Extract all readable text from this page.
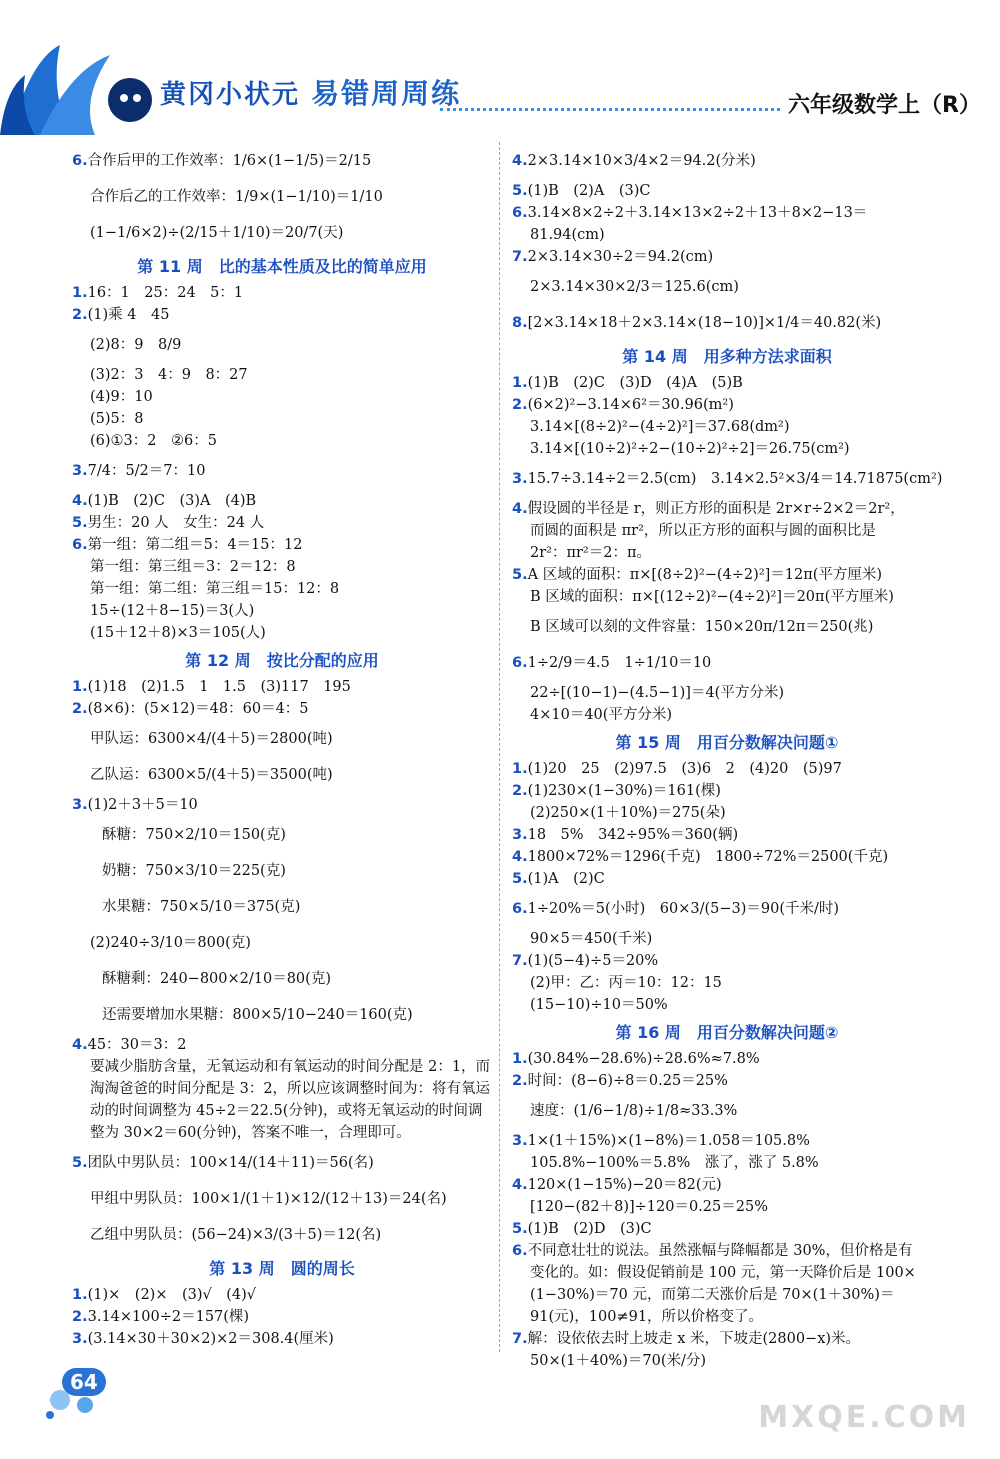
黄冈小状元 易错周周练	六年级数学上（R）
6.合作后甲的工作效率：1/6×(1−1/5)＝2/15
合作后乙的工作效率：1/9×(1−1/10)＝1/10
(1−1/6×2)÷(2/15＋1/10)＝20/7(天)
第 11 周　比的基本性质及比的简单应用
1.16：1　25：24　5：1
2.(1)乘 4　45
(2)8：9　8/9
(3)2：3　4：9　8：27
(4)9：10
(5)5：8
(6)①3：2　②6：5
3.7/4：5/2＝7：10
4.(1)B　(2)C　(3)A　(4)B
5.男生：20 人　女生：24 人
6.第一组：第二组＝5：4＝15：12
第一组：第三组＝3：2＝12：8
第一组：第二组：第三组＝15：12：8
15÷(12＋8−15)＝3(人)
(15＋12＋8)×3＝105(人)
第 12 周　按比分配的应用
1.(1)18　(2)1.5　1　1.5　(3)117　195
2.(8×6)：(5×12)＝48：60＝4：5
甲队运：6300×4/(4＋5)＝2800(吨)
乙队运：6300×5/(4＋5)＝3500(吨)
3.(1)2＋3＋5＝10
酥糖：750×2/10＝150(克)
奶糖：750×3/10＝225(克)
水果糖：750×5/10＝375(克)
(2)240÷3/10＝800(克)
酥糖剩：240−800×2/10＝80(克)
还需要增加水果糖：800×5/10−240＝160(克)
4.45：30＝3：2
要减少脂肪含量，无氧运动和有氧运动的时间分配是 2：1，而
淘淘爸爸的时间分配是 3：2，所以应该调整时间为：将有氧运
动的时间调整为 45÷2＝22.5(分钟)，或将无氧运动的时间调
整为 30×2＝60(分钟)，答案不唯一，合理即可。
5.团队中男队员：100×14/(14＋11)＝56(名)
甲组中男队员：100×1/(1＋1)×12/(12＋13)＝24(名)
乙组中男队员：(56−24)×3/(3＋5)＝12(名)
第 13 周　圆的周长
1.(1)×　(2)×　(3)√　(4)√
2.3.14×100÷2＝157(棵)
3.(3.14×30＋30×2)×2＝308.4(厘米)
4.2×3.14×10×3/4×2＝94.2(分米)
5.(1)B　(2)A　(3)C
6.3.14×8×2÷2＋3.14×13×2÷2＋13＋8×2−13＝
81.94(cm)
7.2×3.14×30÷2＝94.2(cm)
2×3.14×30×2/3＝125.6(cm)
8.[2×3.14×18＋2×3.14×(18−10)]×1/4＝40.82(米)
第 14 周　用多种方法求面积
1.(1)B　(2)C　(3)D　(4)A　(5)B
2.(6×2)²−3.14×6²＝30.96(m²)
3.14×[(8÷2)²−(4÷2)²]＝37.68(dm²)
3.14×[(10÷2)²÷2−(10÷2)²÷2]＝26.75(cm²)
3.15.7÷3.14÷2＝2.5(cm)　3.14×2.5²×3/4＝14.71875(cm²)
4.假设圆的半径是 r，则正方形的面积是 2r×r÷2×2＝2r²，
而圆的面积是 πr²，所以正方形的面积与圆的面积比是
2r²：πr²＝2：π。
5.A 区域的面积：π×[(8÷2)²−(4÷2)²]＝12π(平方厘米)
B 区域的面积：π×[(12÷2)²−(4÷2)²]＝20π(平方厘米)
B 区域可以刻的文件容量：150×20π/12π＝250(兆)
6.1÷2/9＝4.5　1÷1/10＝10
22÷[(10−1)−(4.5−1)]＝4(平方分米)
4×10＝40(平方分米)
第 15 周　用百分数解决问题①
1.(1)20　25　(2)97.5　(3)6　2　(4)20　(5)97
2.(1)230×(1−30%)＝161(棵)
(2)250×(1＋10%)＝275(朵)
3.18　5%　342÷95%＝360(辆)
4.1800×72%＝1296(千克)　1800÷72%＝2500(千克)
5.(1)A　(2)C
6.1÷20%＝5(小时)　60×3/(5−3)＝90(千米/时)
90×5＝450(千米)
7.(1)(5−4)÷5＝20%
(2)甲：乙：丙＝10：12：15
(15−10)÷10＝50%
第 16 周　用百分数解决问题②
1.(30.84%−28.6%)÷28.6%≈7.8%
2.时间：(8−6)÷8＝0.25＝25%
速度：(1/6−1/8)÷1/8≈33.3%
3.1×(1＋15%)×(1−8%)＝1.058＝105.8%
105.8%−100%＝5.8%　涨了，涨了 5.8%
4.120×(1−15%)−20＝82(元)
[120−(82＋8)]÷120＝0.25＝25%
5.(1)B　(2)D　(3)C
6.不同意壮壮的说法。虽然涨幅与降幅都是 30%，但价格是有
变化的。如：假设促销前是 100 元，第一天降价后是 100×
(1−30%)＝70 元，而第二天涨价后是 70×(1＋30%)＝
91(元)，100≠91，所以价格变了。
7.解：设依依去时上坡走 x 米，下坡走(2800−x)米。
50×(1＋40%)＝70(米/分)
64
MXQE.COM
